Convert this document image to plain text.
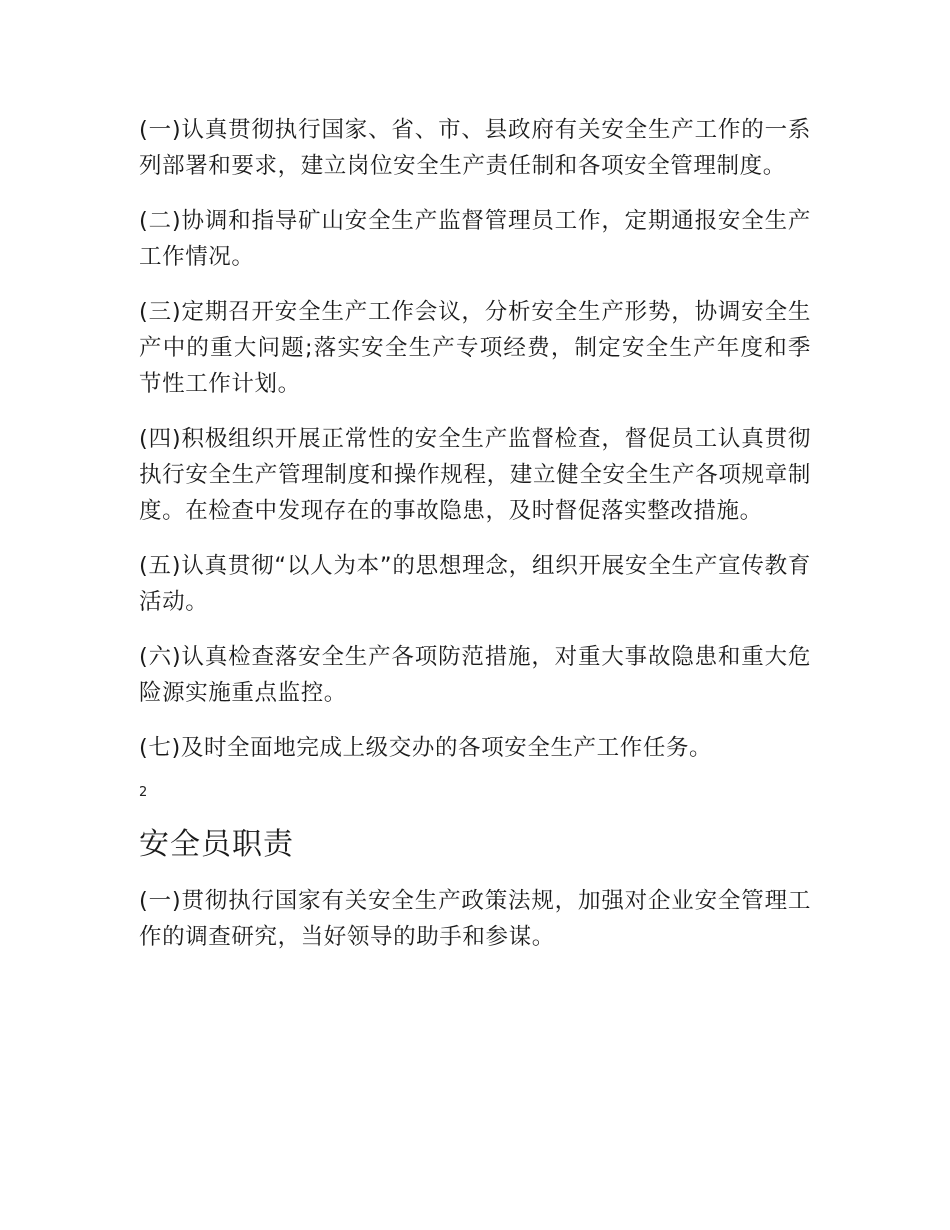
(一)认真贯彻执行国家、省、市、县政府有关安全生产工作的一系列部署和要求，建立岗位安全生产责任制和各项安全管理制度。

(二)协调和指导矿山安全生产监督管理员工作，定期通报安全生产工作情况。

(三)定期召开安全生产工作会议，分析安全生产形势，协调安全生产中的重大问题;落实安全生产专项经费，制定安全生产年度和季节性工作计划。

(四)积极组织开展正常性的安全生产监督检查，督促员工认真贯彻执行安全生产管理制度和操作规程，建立健全安全生产各项规章制度。在检查中发现存在的事故隐患，及时督促落实整改措施。

(五)认真贯彻“以人为本”的思想理念，组织开展安全生产宣传教育活动。

(六)认真检查落安全生产各项防范措施，对重大事故隐患和重大危险源实施重点监控。

(七)及时全面地完成上级交办的各项安全生产工作任务。

2
安全员职责

(一)贯彻执行国家有关安全生产政策法规，加强对企业安全管理工作的调查研究，当好领导的助手和参谋。
